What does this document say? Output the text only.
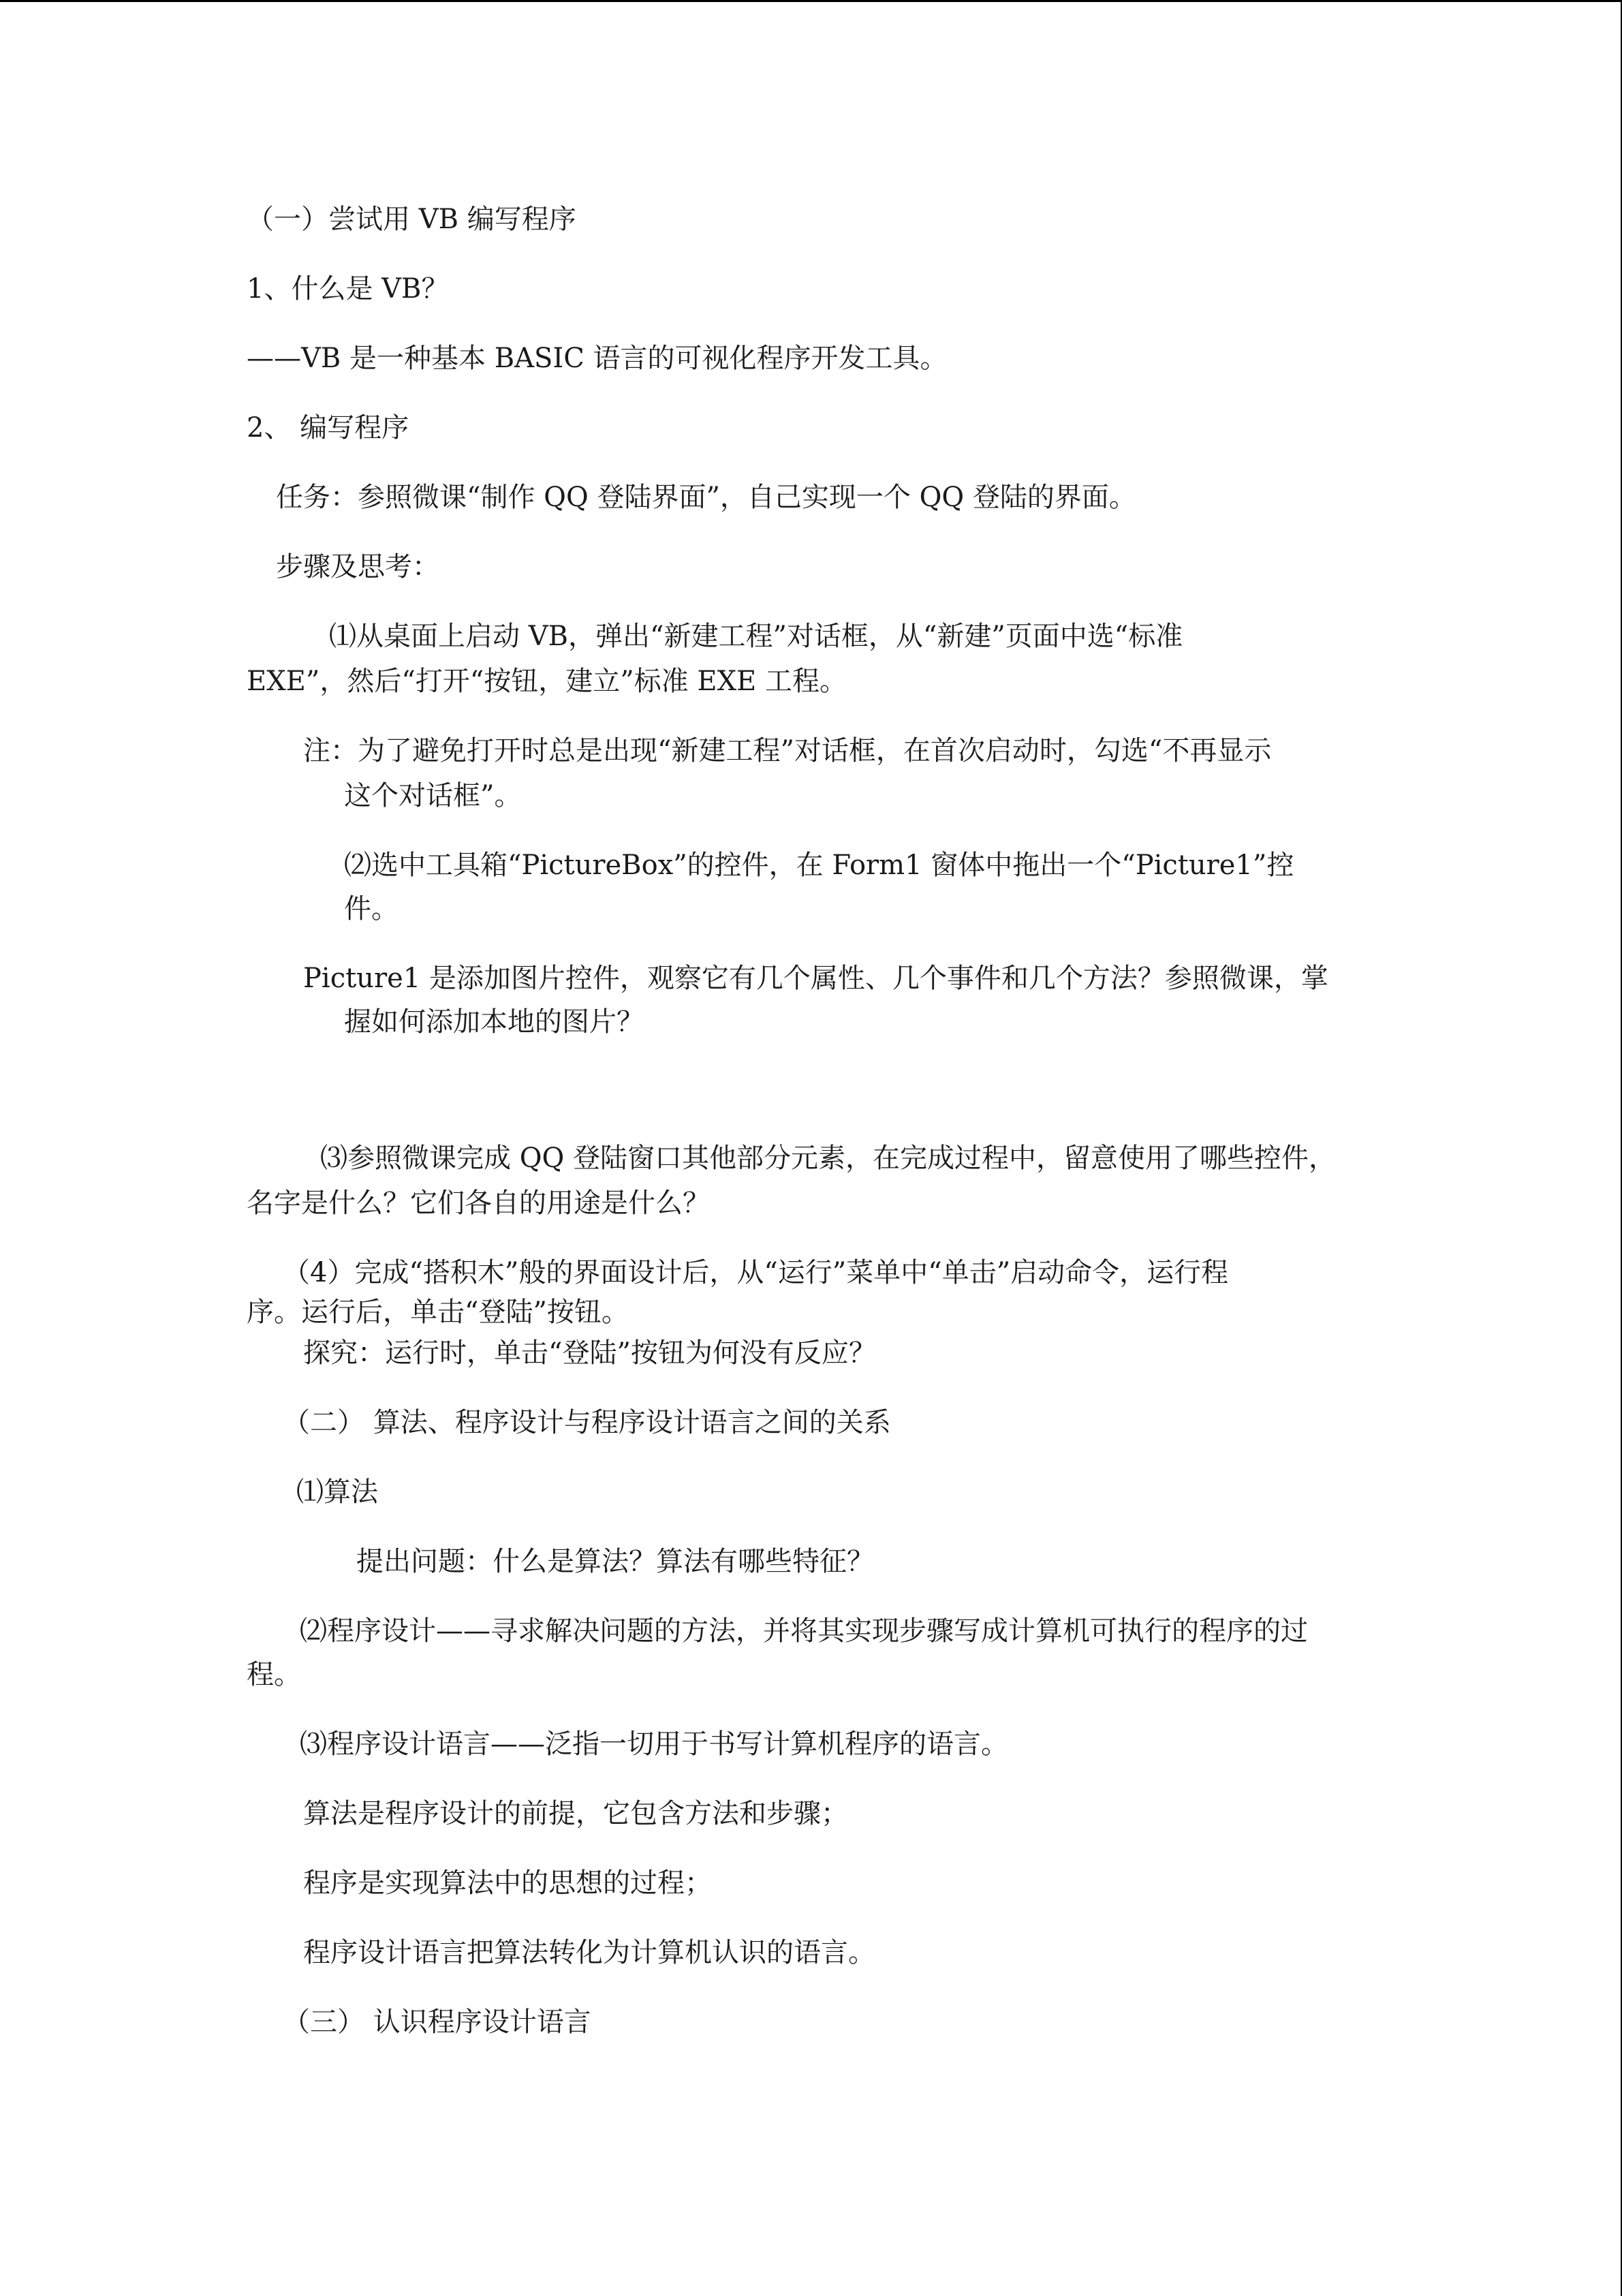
（一）尝试用 VB 编写程序

1、什么是 VB？

——VB 是一种基本 BASIC 语言的可视化程序开发工具。

2、 编写程序

任务：参照微课“制作 QQ 登陆界面”，自己实现一个 QQ 登陆的界面。

步骤及思考：

⑴从桌面上启动 VB，弹出“新建工程”对话框，从“新建”页面中选“标准

EXE”，然后“打开“按钮，建立”标准 EXE 工程。

注：为了避免打开时总是出现“新建工程”对话框，在首次启动时，勾选“不再显示

这个对话框”。

⑵选中工具箱“PictureBox”的控件，在 Form1 窗体中拖出一个“Picture1”控

件。

Picture1 是添加图片控件，观察它有几个属性、几个事件和几个方法？参照微课，掌

握如何添加本地的图片？

⑶参照微课完成 QQ 登陆窗口其他部分元素，在完成过程中，留意使用了哪些控件，

名字是什么？它们各自的用途是什么？

（4）完成“搭积木”般的界面设计后，从“运行”菜单中“单击”启动命令，运行程

序。运行后，单击“登陆”按钮。

探究：运行时，单击“登陆”按钮为何没有反应？

（二） 算法、程序设计与程序设计语言之间的关系

⑴算法

提出问题：什么是算法？算法有哪些特征？

⑵程序设计——寻求解决问题的方法，并将其实现步骤写成计算机可执行的程序的过

程。

⑶程序设计语言——泛指一切用于书写计算机程序的语言。

算法是程序设计的前提，它包含方法和步骤；

程序是实现算法中的思想的过程；

程序设计语言把算法转化为计算机认识的语言。

（三） 认识程序设计语言
